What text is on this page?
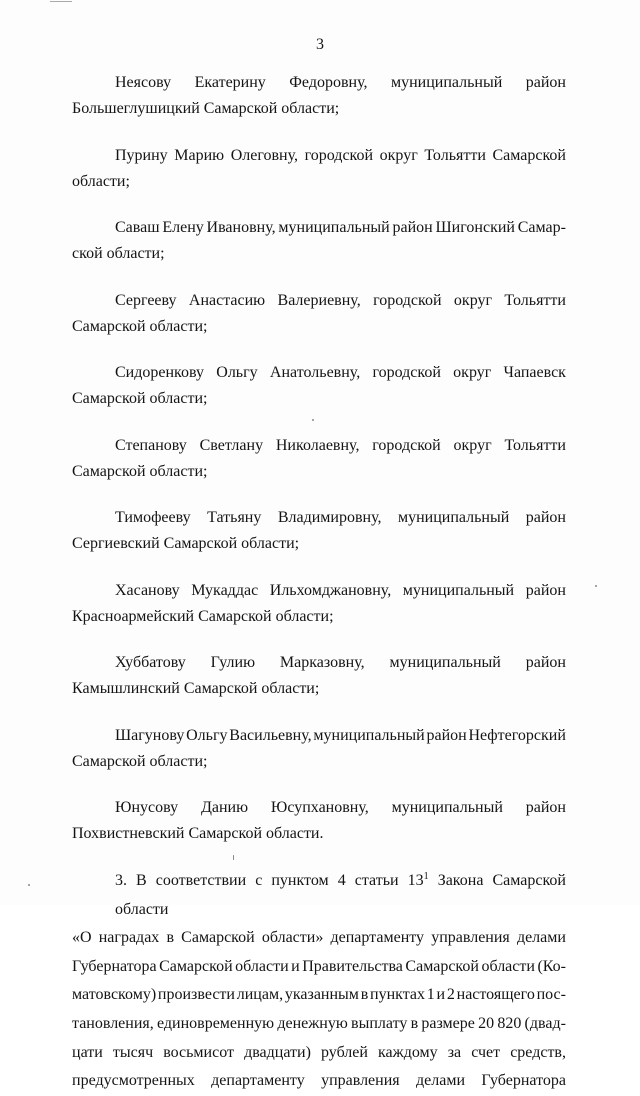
3
Неясову Екатерину Федоровну, муниципальный район
Большеглушицкий Самарской области;
Пурину Марию Олеговну, городской округ Тольятти Самарской
области;
Саваш Елену Ивановну, муниципальный район Шигонский Самар-
ской области;
Сергееву Анастасию Валериевну, городской округ Тольятти
Самарской области;
Сидоренкову Ольгу Анатольевну, городской округ Чапаевск
Самарской области;
Степанову Светлану Николаевну, городской округ Тольятти
Самарской области;
Тимофееву Татьяну Владимировну, муниципальный район
Сергиевский Самарской области;
Хасанову Мукаддас Ильхомджановну, муниципальный район
Красноармейский Самарской области;
Хуббатову Гулию Марказовну, муниципальный район
Камышлинский Самарской области;
Шагунову Ольгу Васильевну, муниципальный район Нефтегорский
Самарской области;
Юнусову Данию Юсупхановну, муниципальный район
Похвистневский Самарской области.
3. В соответствии с пунктом 4 статьи $13^1$ Закона Самарской области
«О наградах в Самарской области» департаменту управления делами
Губернатора Самарской области и Правительства Самарской области (Ко-
матовскому) произвести лицам, указанным в пунктах 1 и 2 настоящего пос-
тановления, единовременную денежную выплату в размере 20 820 (двад-
цати тысяч восьмисот двадцати) рублей каждому за счет средств,
предусмотренных департаменту управления делами Губернатора
